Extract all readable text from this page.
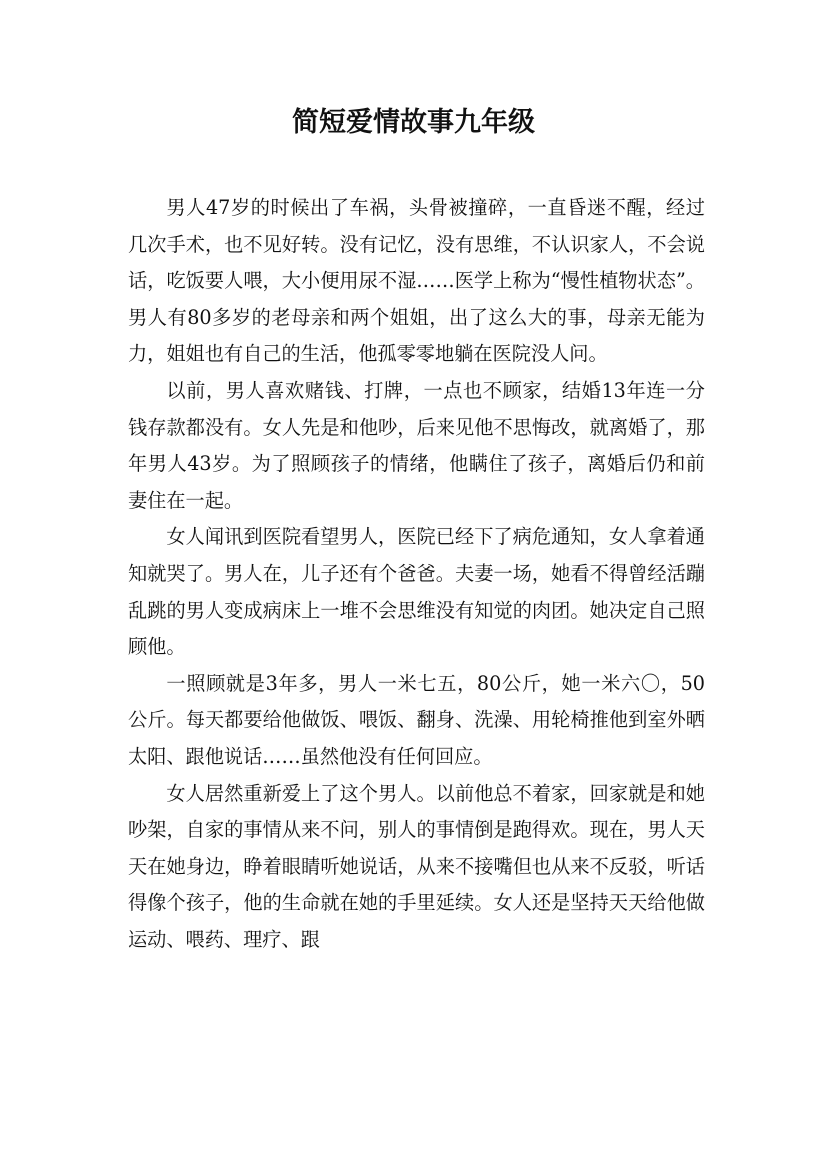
简短爱情故事九年级

男人47岁的时候出了车祸，头骨被撞碎，一直昏迷不醒，经过几次手术，也不见好转。没有记忆，没有思维，不认识家人，不会说话，吃饭要人喂，大小便用尿不湿……医学上称为“慢性植物状态”。男人有80多岁的老母亲和两个姐姐，出了这么大的事，母亲无能为力，姐姐也有自己的生活，他孤零零地躺在医院没人问。

以前，男人喜欢赌钱、打牌，一点也不顾家，结婚13年连一分钱存款都没有。女人先是和他吵，后来见他不思悔改，就离婚了，那年男人43岁。为了照顾孩子的情绪，他瞒住了孩子，离婚后仍和前妻住在一起。

女人闻讯到医院看望男人，医院已经下了病危通知，女人拿着通知就哭了。男人在，儿子还有个爸爸。夫妻一场，她看不得曾经活蹦乱跳的男人变成病床上一堆不会思维没有知觉的肉团。她决定自己照顾他。

一照顾就是3年多，男人一米七五，80公斤，她一米六〇，50公斤。每天都要给他做饭、喂饭、翻身、洗澡、用轮椅推他到室外晒太阳、跟他说话……虽然他没有任何回应。

女人居然重新爱上了这个男人。以前他总不着家，回家就是和她吵架，自家的事情从来不问，别人的事情倒是跑得欢。现在，男人天天在她身边，睁着眼睛听她说话，从来不接嘴但也从来不反驳，听话得像个孩子，他的生命就在她的手里延续。女人还是坚持天天给他做运动、喂药、理疗、跟
